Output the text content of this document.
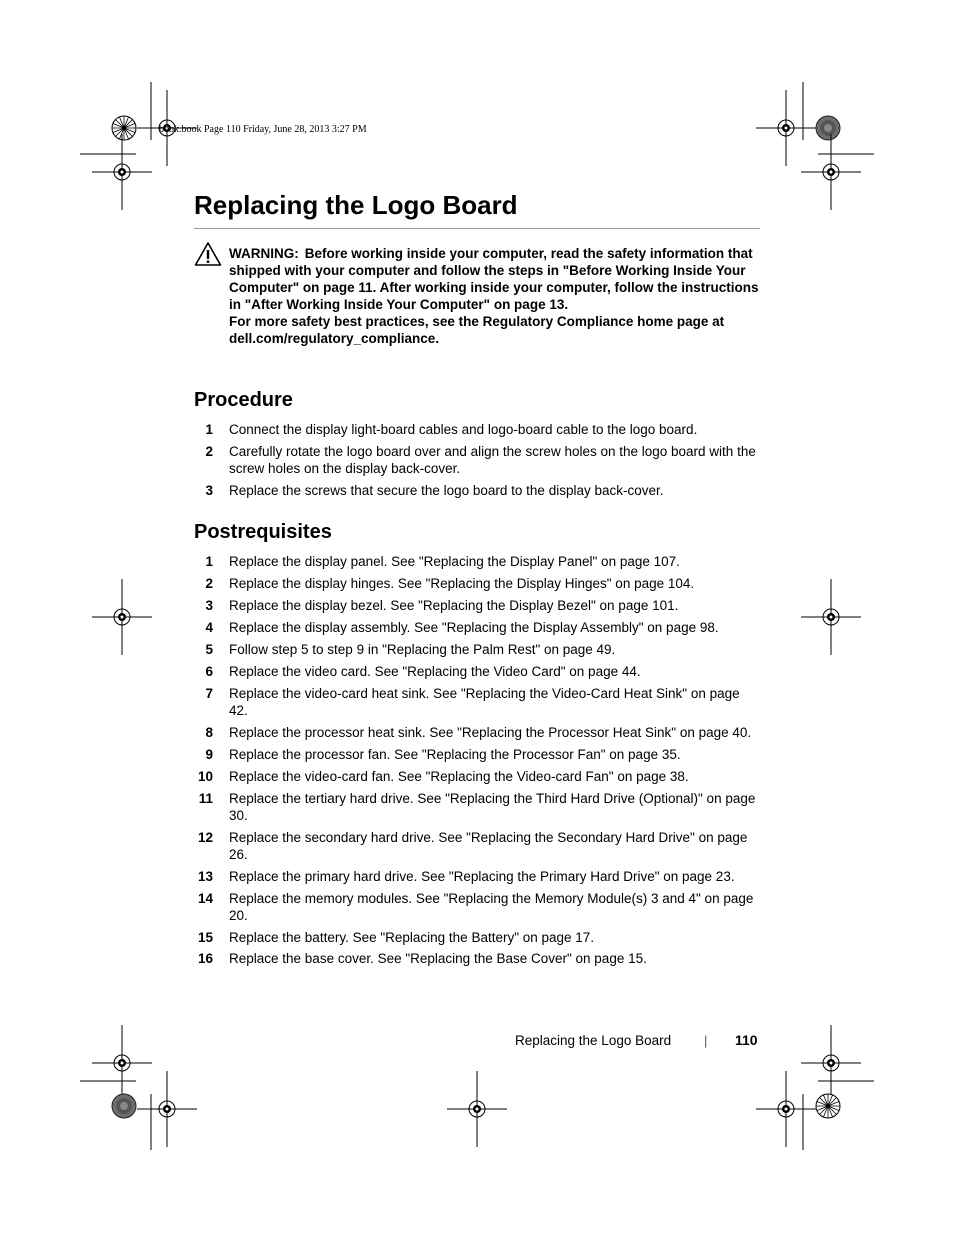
book.book Page 110 Friday, June 28, 2013 3:27 PM
Replacing the Logo Board

WARNING: Before working inside your computer, read the safety information that shipped with your computer and follow the steps in "Before Working Inside Your Computer" on page 11. After working inside your computer, follow the instructions in "After Working Inside Your Computer" on page 13.

For more safety best practices, see the Regulatory Compliance home page at dell.com/regulatory_compliance.

Procedure
1 Connect the display light-board cables and logo-board cable to the logo board.
2 Carefully rotate the logo board over and align the screw holes on the logo board with the screw holes on the display back-cover.
3 Replace the screws that secure the logo board to the display back-cover.
Postrequisites
1 Replace the display panel. See "Replacing the Display Panel" on page 107.
2 Replace the display hinges. See "Replacing the Display Hinges" on page 104.
3 Replace the display bezel. See "Replacing the Display Bezel" on page 101.
4 Replace the display assembly. See "Replacing the Display Assembly" on page 98.
5 Follow step 5 to step 9 in "Replacing the Palm Rest" on page 49.
6 Replace the video card. See "Replacing the Video Card" on page 44.
7 Replace the video-card heat sink. See "Replacing the Video-Card Heat Sink" on page 42.
8 Replace the processor heat sink. See "Replacing the Processor Heat Sink" on page 40.
9 Replace the processor fan. See "Replacing the Processor Fan" on page 35.
10 Replace the video-card fan. See "Replacing the Video-card Fan" on page 38.
11 Replace the tertiary hard drive. See "Replacing the Third Hard Drive (Optional)" on page 30.
12 Replace the secondary hard drive. See "Replacing the Secondary Hard Drive" on page 26.
13 Replace the primary hard drive. See "Replacing the Primary Hard Drive" on page 23.
14 Replace the memory modules. See "Replacing the Memory Module(s) 3 and 4" on page 20.
15 Replace the battery. See "Replacing the Battery" on page 17.
16 Replace the base cover. See "Replacing the Base Cover" on page 15.
Replacing the Logo Board	| 110
